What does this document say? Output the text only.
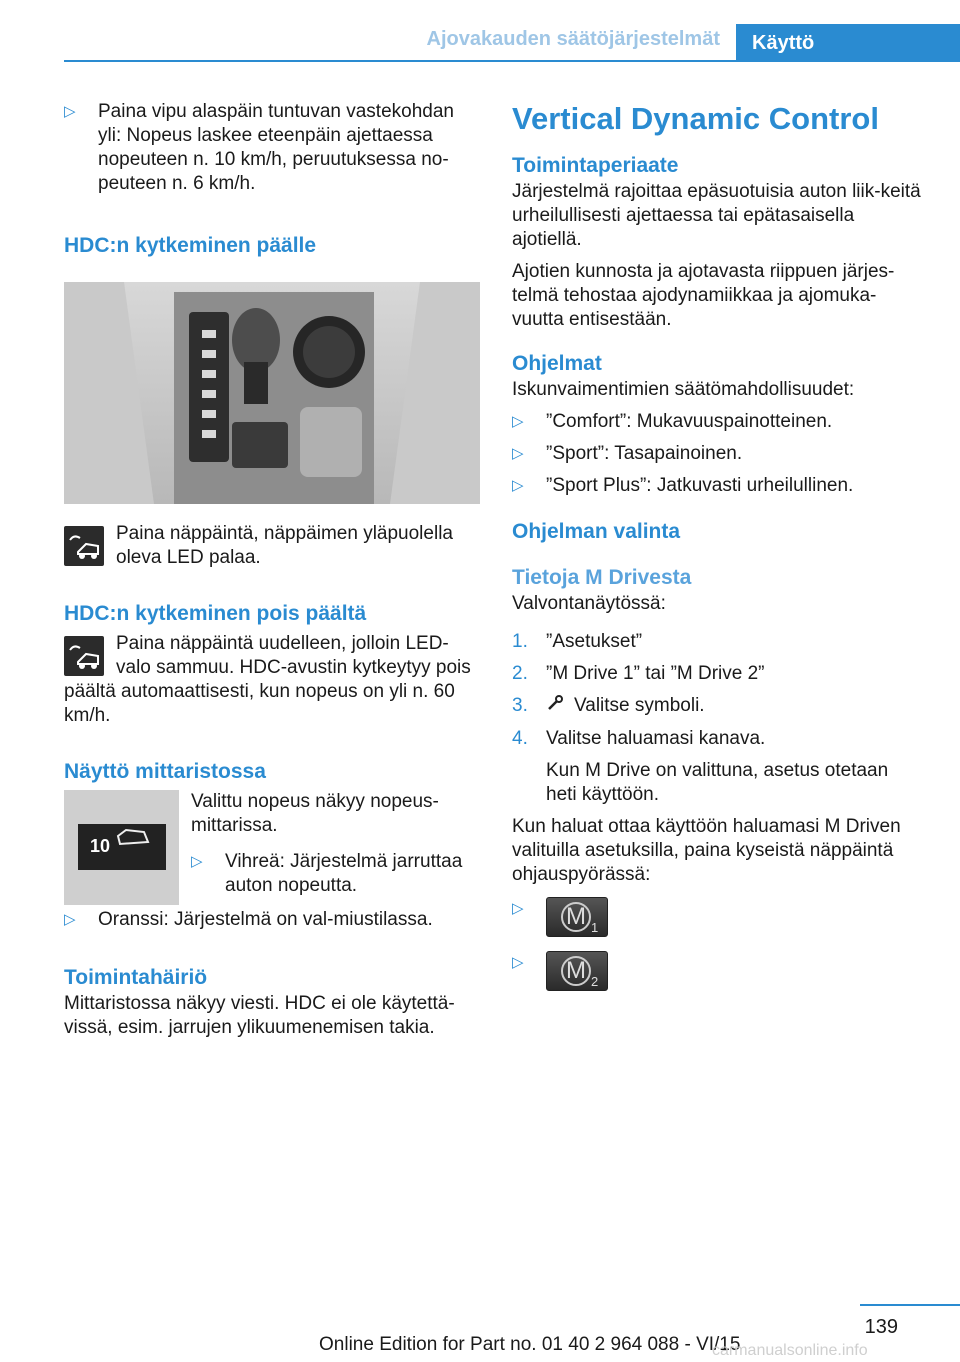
Ajovakauden säätöjärjestelmät	Käyttö
▷	Paina vipu alaspäin tuntuvan vastekohdan yli: Nopeus laskee eteenpäin ajettaessa nopeuteen n. 10 km/h, peruutuksessa no‐peuteen n. 6 km/h.
HDC:n kytkeminen päälle

Paina näppäintä, näppäimen yläpuolella oleva LED palaa.

HDC:n kytkeminen pois päältä

Paina näppäintä uudelleen, jolloin LED-valo sammuu. HDC-avustin kytkeytyy pois päältä automaattisesti, kun nopeus on yli n. 60 km/h.

Näyttö mittaristossa
10

Valittu nopeus näkyy nopeus‐mittarissa.

▷	Vihreä: Järjestelmä jarruttaa auton nopeutta.
▷	Oranssi: Järjestelmä on val‐miustilassa.
Toimintahäiriö

Mittaristossa näkyy viesti. HDC ei ole käytettä‐vissä, esim. jarrujen ylikuumenemisen takia.

Vertical Dynamic Control
Toimintaperiaate

Järjestelmä rajoittaa epäsuotuisia auton liik‐keitä urheilullisesti ajettaessa tai epätasaisella ajotiellä.

Ajotien kunnosta ja ajotavasta riippuen järjes‐telmä tehostaa ajodynamiikkaa ja ajomuka‐vuutta entisestään.

Ohjelmat

Iskunvaimentimien säätömahdollisuudet:

▷	”Comfort”: Mukavuuspainotteinen.
▷	”Sport”: Tasapainoinen.
▷	”Sport Plus”: Jatkuvasti urheilullinen.
Ohjelman valinta
Tietoja M Drivesta

Valvontanäytössä:

1. ”Asetukset”
2. ”M Drive 1” tai ”M Drive 2”
3.	Valitse symboli.
4. Valitse haluamasi kanava.

Kun M Drive on valittuna, asetus otetaan heti käyttöön.

Kun haluat ottaa käyttöön haluamasi M Driven valituilla asetuksilla, paina kyseistä näppäintä ohjauspyörässä:

▷	M 1
▷	M 2
139
Online Edition for Part no. 01 40 2 964 088 - VI/15
carmanualsonline.info
